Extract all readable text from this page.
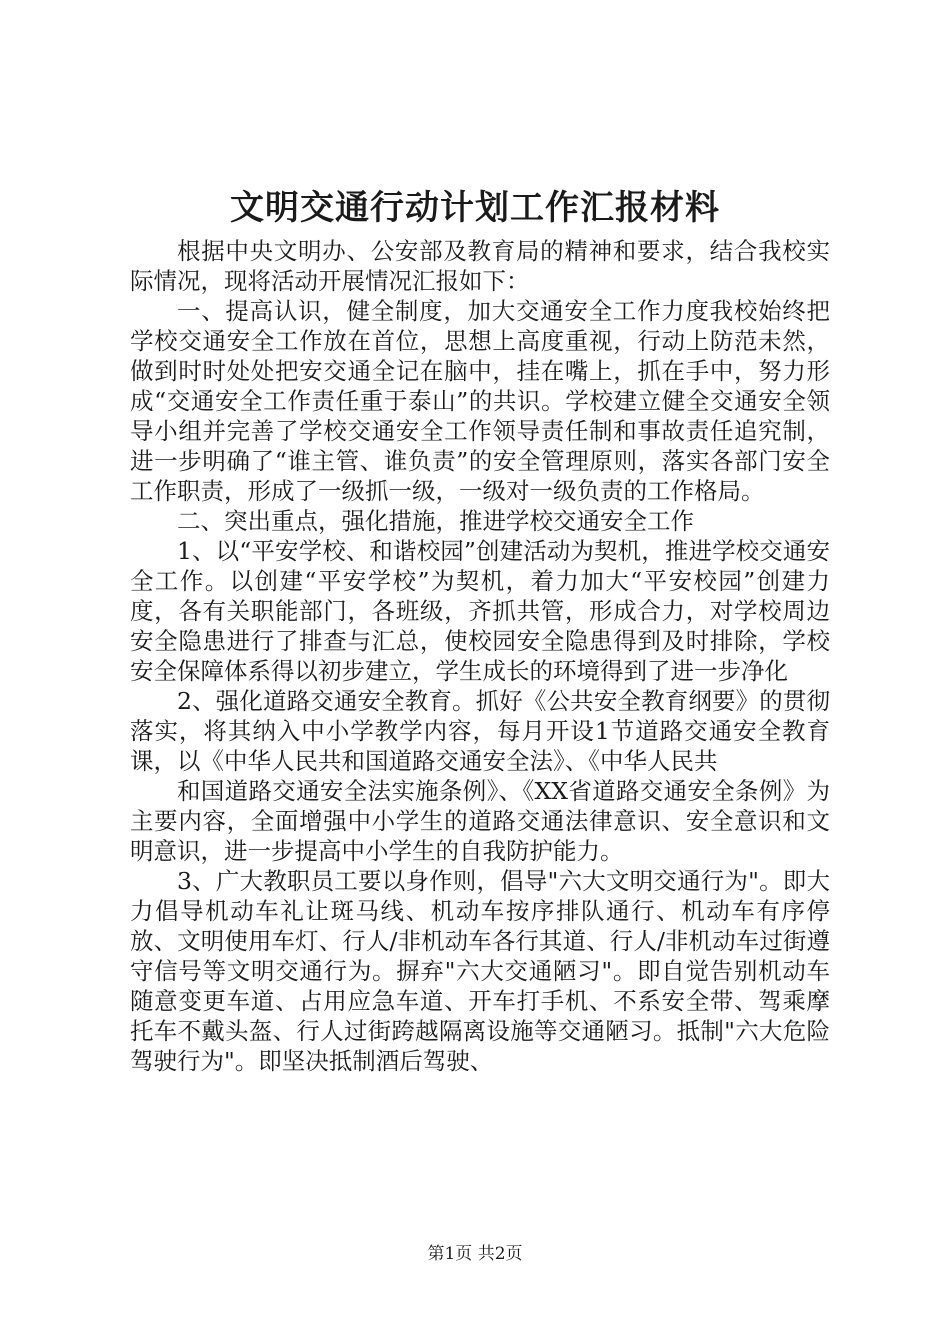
文明交通行动计划工作汇报材料

根据中央文明办、公安部及教育局的精神和要求，结合我校实际情况，现将活动开展情况汇报如下：

一、提高认识，健全制度，加大交通安全工作力度我校始终把学校交通安全工作放在首位，思想上高度重视，行动上防范未然，做到时时处处把安交通全记在脑中，挂在嘴上，抓在手中，努力形成“交通安全工作责任重于泰山”的共识。学校建立健全交通安全领导小组并完善了学校交通安全工作领导责任制和事故责任追究制，进一步明确了“谁主管、谁负责”的安全管理原则，落实各部门安全工作职责，形成了一级抓一级，一级对一级负责的工作格局。

二、突出重点，强化措施，推进学校交通安全工作

1、以“平安学校、和谐校园”创建活动为契机，推进学校交通安全工作。以创建“平安学校”为契机，着力加大“平安校园”创建力度，各有关职能部门，各班级，齐抓共管，形成合力，对学校周边安全隐患进行了排查与汇总，使校园安全隐患得到及时排除，学校安全保障体系得以初步建立，学生成长的环境得到了进一步净化

2、强化道路交通安全教育。抓好《公共安全教育纲要》的贯彻落实，将其纳入中小学教学内容，每月开设1节道路交通安全教育课，以《中华人民共和国道路交通安全法》、《中华人民共

和国道路交通安全法实施条例》、《XX省道路交通安全条例》为主要内容，全面增强中小学生的道路交通法律意识、安全意识和文明意识，进一步提高中小学生的自我防护能力。

3、广大教职员工要以身作则，倡导"六大文明交通行为"。即大力倡导机动车礼让斑马线、机动车按序排队通行、机动车有序停放、文明使用车灯、行人/非机动车各行其道、行人/非机动车过街遵守信号等文明交通行为。摒弃"六大交通陋习"。即自觉告别机动车随意变更车道、占用应急车道、开车打手机、不系安全带、驾乘摩托车不戴头盔、行人过街跨越隔离设施等交通陋习。抵制"六大危险驾驶行为"。即坚决抵制酒后驾驶、

第1页 共2页
